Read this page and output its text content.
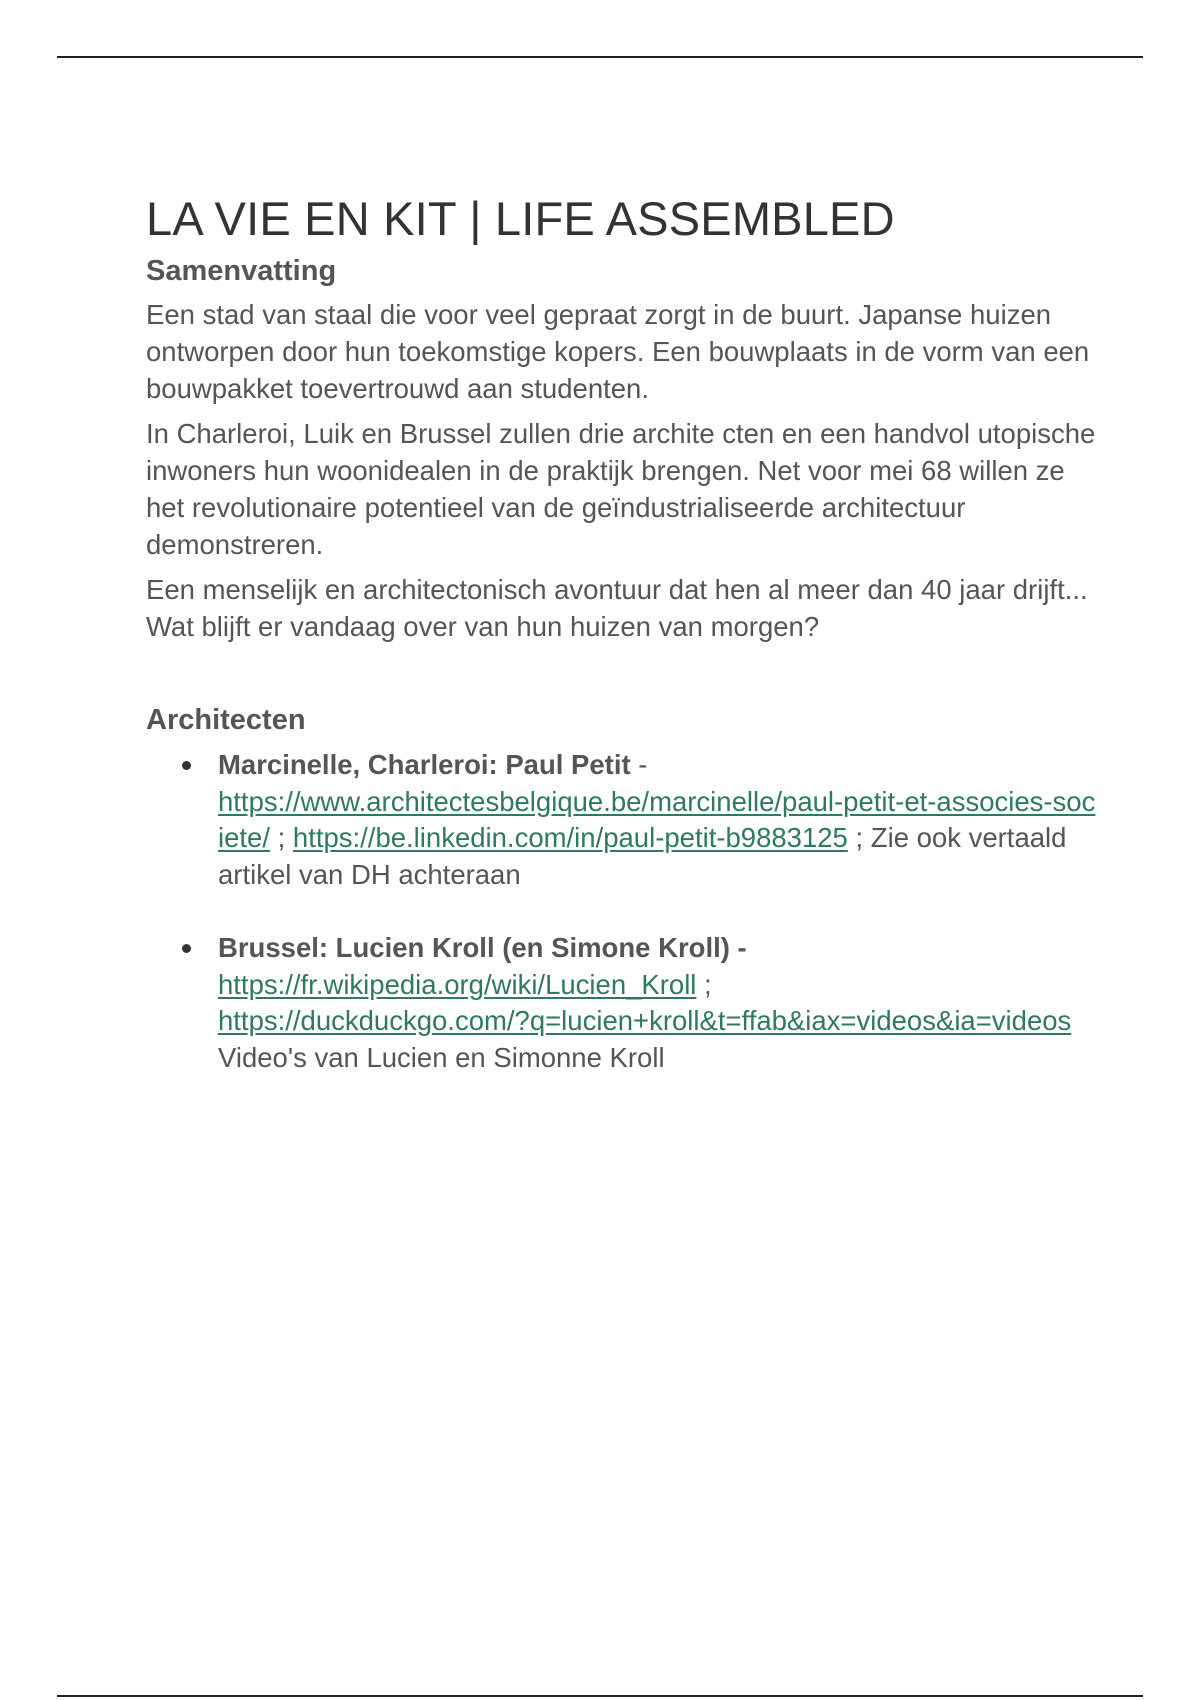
LA VIE EN KIT | LIFE ASSEMBLED
Samenvatting

Een stad van staal die voor veel gepraat zorgt in de buurt. Japanse huizen ontworpen door hun toekomstige kopers. Een bouwplaats in de vorm van een bouwpakket toevertrouwd aan studenten.

In Charleroi, Luik en Brussel zullen drie archite cten en een handvol utopische inwoners hun woonidealen in de praktijk brengen. Net voor mei 68 willen ze het revolutionaire potentieel van de geïndustrialiseerde architectuur demonstreren.

Een menselijk en architectonisch avontuur dat hen al meer dan 40 jaar drijft... Wat blijft er vandaag over van hun huizen van morgen?

Architecten
Marcinelle, Charleroi: Paul Petit -
https://www.architectesbelgique.be/marcinelle/paul-petit-et-associes-societe/ ; https://be.linkedin.com/in/paul-petit-b9883125 ; Zie ook vertaald artikel van DH achteraan
Brussel: Lucien Kroll (en Simone Kroll) -
https://fr.wikipedia.org/wiki/Lucien_Kroll ;
https://duckduckgo.com/?q=lucien+kroll&t=ffab&iax=videos&ia=videos Video's van Lucien en Simonne Kroll
